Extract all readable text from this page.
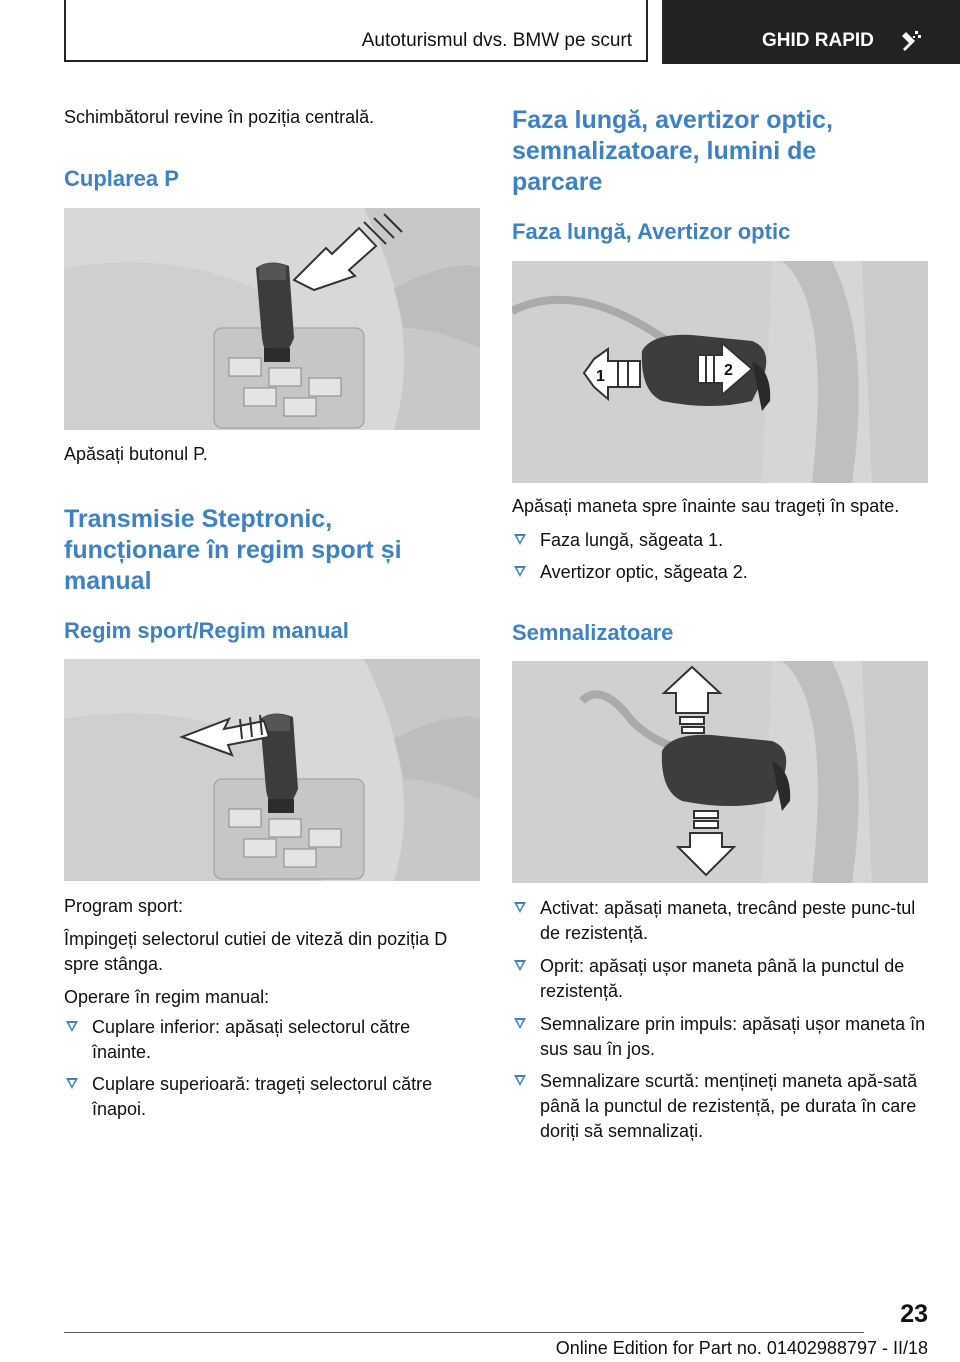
Autoturismul dvs. BMW pe scurt	GHID RAPID

Schimbătorul revine în poziția centrală.

Cuplarea P

Apăsați butonul P.

Transmisie Steptronic, funcționare în regim sport și manual
Regim sport/Regim manual

Program sport:

Împingeți selectorul cutiei de viteză din poziția D spre stânga.

Operare în regim manual:

Cuplare inferior: apăsați selectorul către înainte.
Cuplare superioară: trageți selectorul către înapoi.
Faza lungă, avertizor optic, semnalizatoare, lumini de parcare
Faza lungă, Avertizor optic
1	2

Apăsați maneta spre înainte sau trageți în spate.

Faza lungă, săgeata 1.
Avertizor optic, săgeata 2.
Semnalizatoare
Activat: apăsați maneta, trecând peste punc-tul de rezistență.
Oprit: apăsați ușor maneta până la punctul de rezistență.
Semnalizare prin impuls: apăsați ușor maneta în sus sau în jos.
Semnalizare scurtă: mențineți maneta apă-sată până la punctul de rezistență, pe durata în care doriți să semnalizați.
23
Online Edition for Part no. 01402988797 - II/18
